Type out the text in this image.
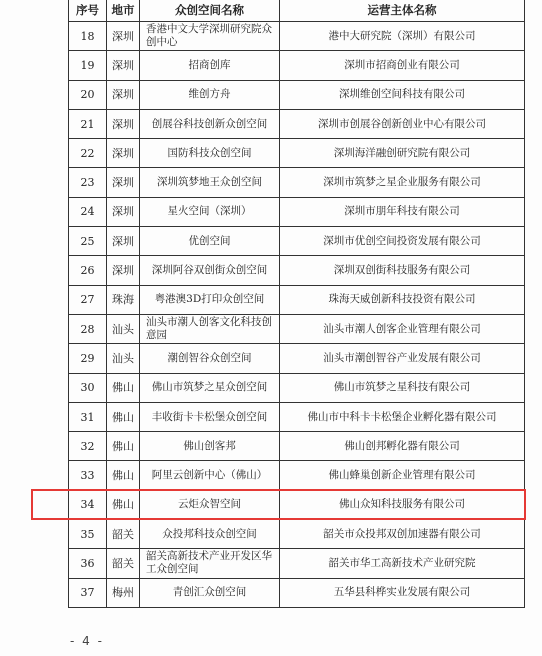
序号	地市	众创空间名称	运营主体名称
18	深圳	香港中文大学深圳研究院众创中心	港中大研究院（深圳）有限公司
19	深圳	招商创库	深圳市招商创业有限公司
20	深圳	维创方舟	深圳维创空间科技有限公司
21	深圳	创展谷科技创新众创空间	深圳市创展谷创新创业中心有限公司
22	深圳	国防科技众创空间	深圳海洋融创研究院有限公司
23	深圳	深圳筑梦地王众创空间	深圳市筑梦之星企业服务有限公司
24	深圳	星火空间（深圳）	深圳市朋年科技有限公司
25	深圳	优创空间	深圳市优创空间投资发展有限公司
26	深圳	深圳阿谷双创街众创空间	深圳双创街科技服务有限公司
27	珠海	粤港澳3D打印众创空间	珠海天威创新科技投资有限公司
28	汕头	汕头市潮人创客文化科技创意园	汕头市潮人创客企业管理有限公司
29	汕头	潮创智谷众创空间	汕头市潮创智谷产业发展有限公司
30	佛山	佛山市筑梦之星众创空间	佛山市筑梦之星科技有限公司
31	佛山	丰收街卡卡松堡众创空间	佛山市中科卡卡松堡企业孵化器有限公司
32	佛山	佛山创客邦	佛山创邦孵化器有限公司
33	佛山	阿里云创新中心（佛山）	佛山蜂巢创新企业管理有限公司
34	佛山	云炬众智空间	佛山众知科技服务有限公司
35	韶关	众投邦科技众创空间	韶关市众投邦双创加速器有限公司
36	韶关	韶关高新技术产业开发区华工众创空间	韶关市华工高新技术产业研究院
37	梅州	青创汇众创空间	五华县科桦实业发展有限公司
- 4 -
